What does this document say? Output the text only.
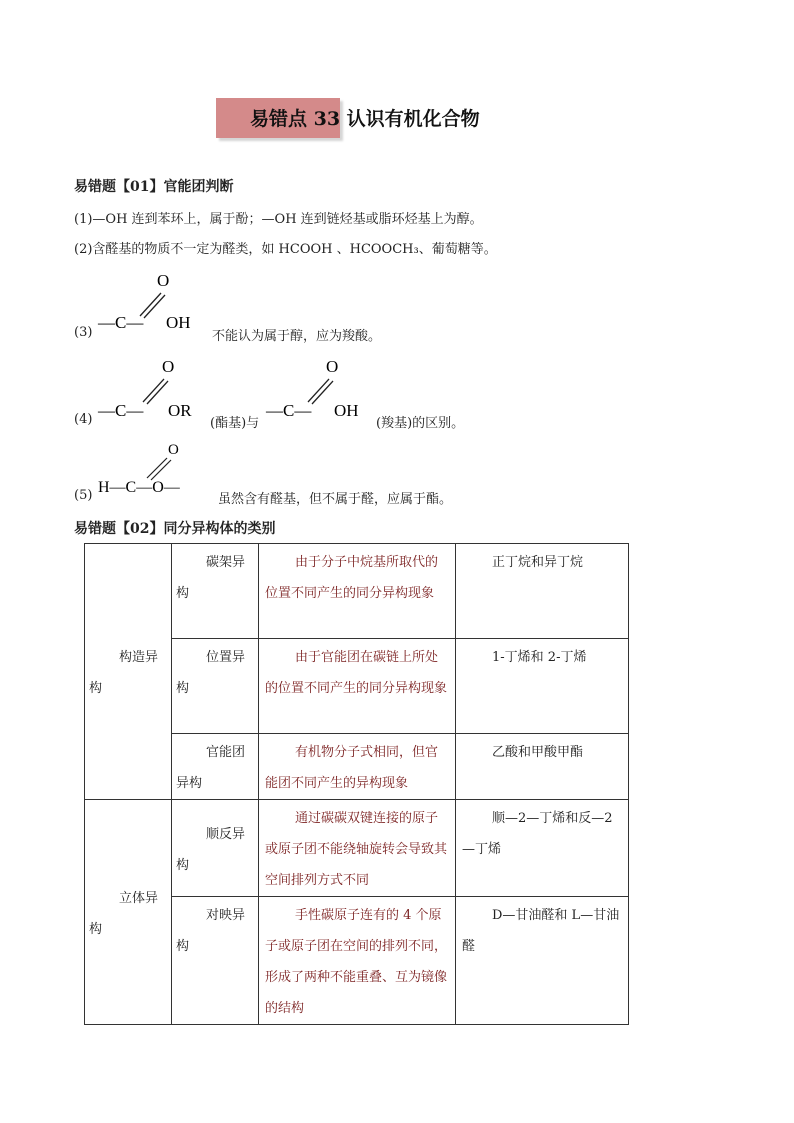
易错点 33 认识有机化合物
易错题【01】官能团判断
(1)—OH 连到苯环上，属于酚；—OH 连到链烃基或脂环烃基上为醇。
(2)含醛基的物质不一定为醛类，如 HCOOH 、HCOOCH₃、葡萄糖等。
(3)
O
—C— OH
不能认为属于醇，应为羧酸。
(4)
O
—C— OR
(酯基)与
O
—C— OH
(羧基)的区别。
(5)
O
H—C—O—
虽然含有醛基，但不属于醛，应属于酯。
易错题【02】同分异构体的类别
构造异构	碳架异构	由于分子中烷基所取代的位置不同产生的同分异构现象	正丁烷和异丁烷
	位置异构	由于官能团在碳链上所处的位置不同产生的同分异构现象	1-丁烯和 2-丁烯
	官能团异构	有机物分子式相同，但官能团不同产生的异构现象	乙酸和甲酸甲酯
立体异构	顺反异构	通过碳碳双键连接的原子或原子团不能绕轴旋转会导致其空间排列方式不同	顺—2—丁烯和反—2—丁烯
	对映异构	手性碳原子连有的 4 个原子或原子团在空间的排列不同，形成了两种不能重叠、互为镜像的结构	D—甘油醛和 L—甘油醛
